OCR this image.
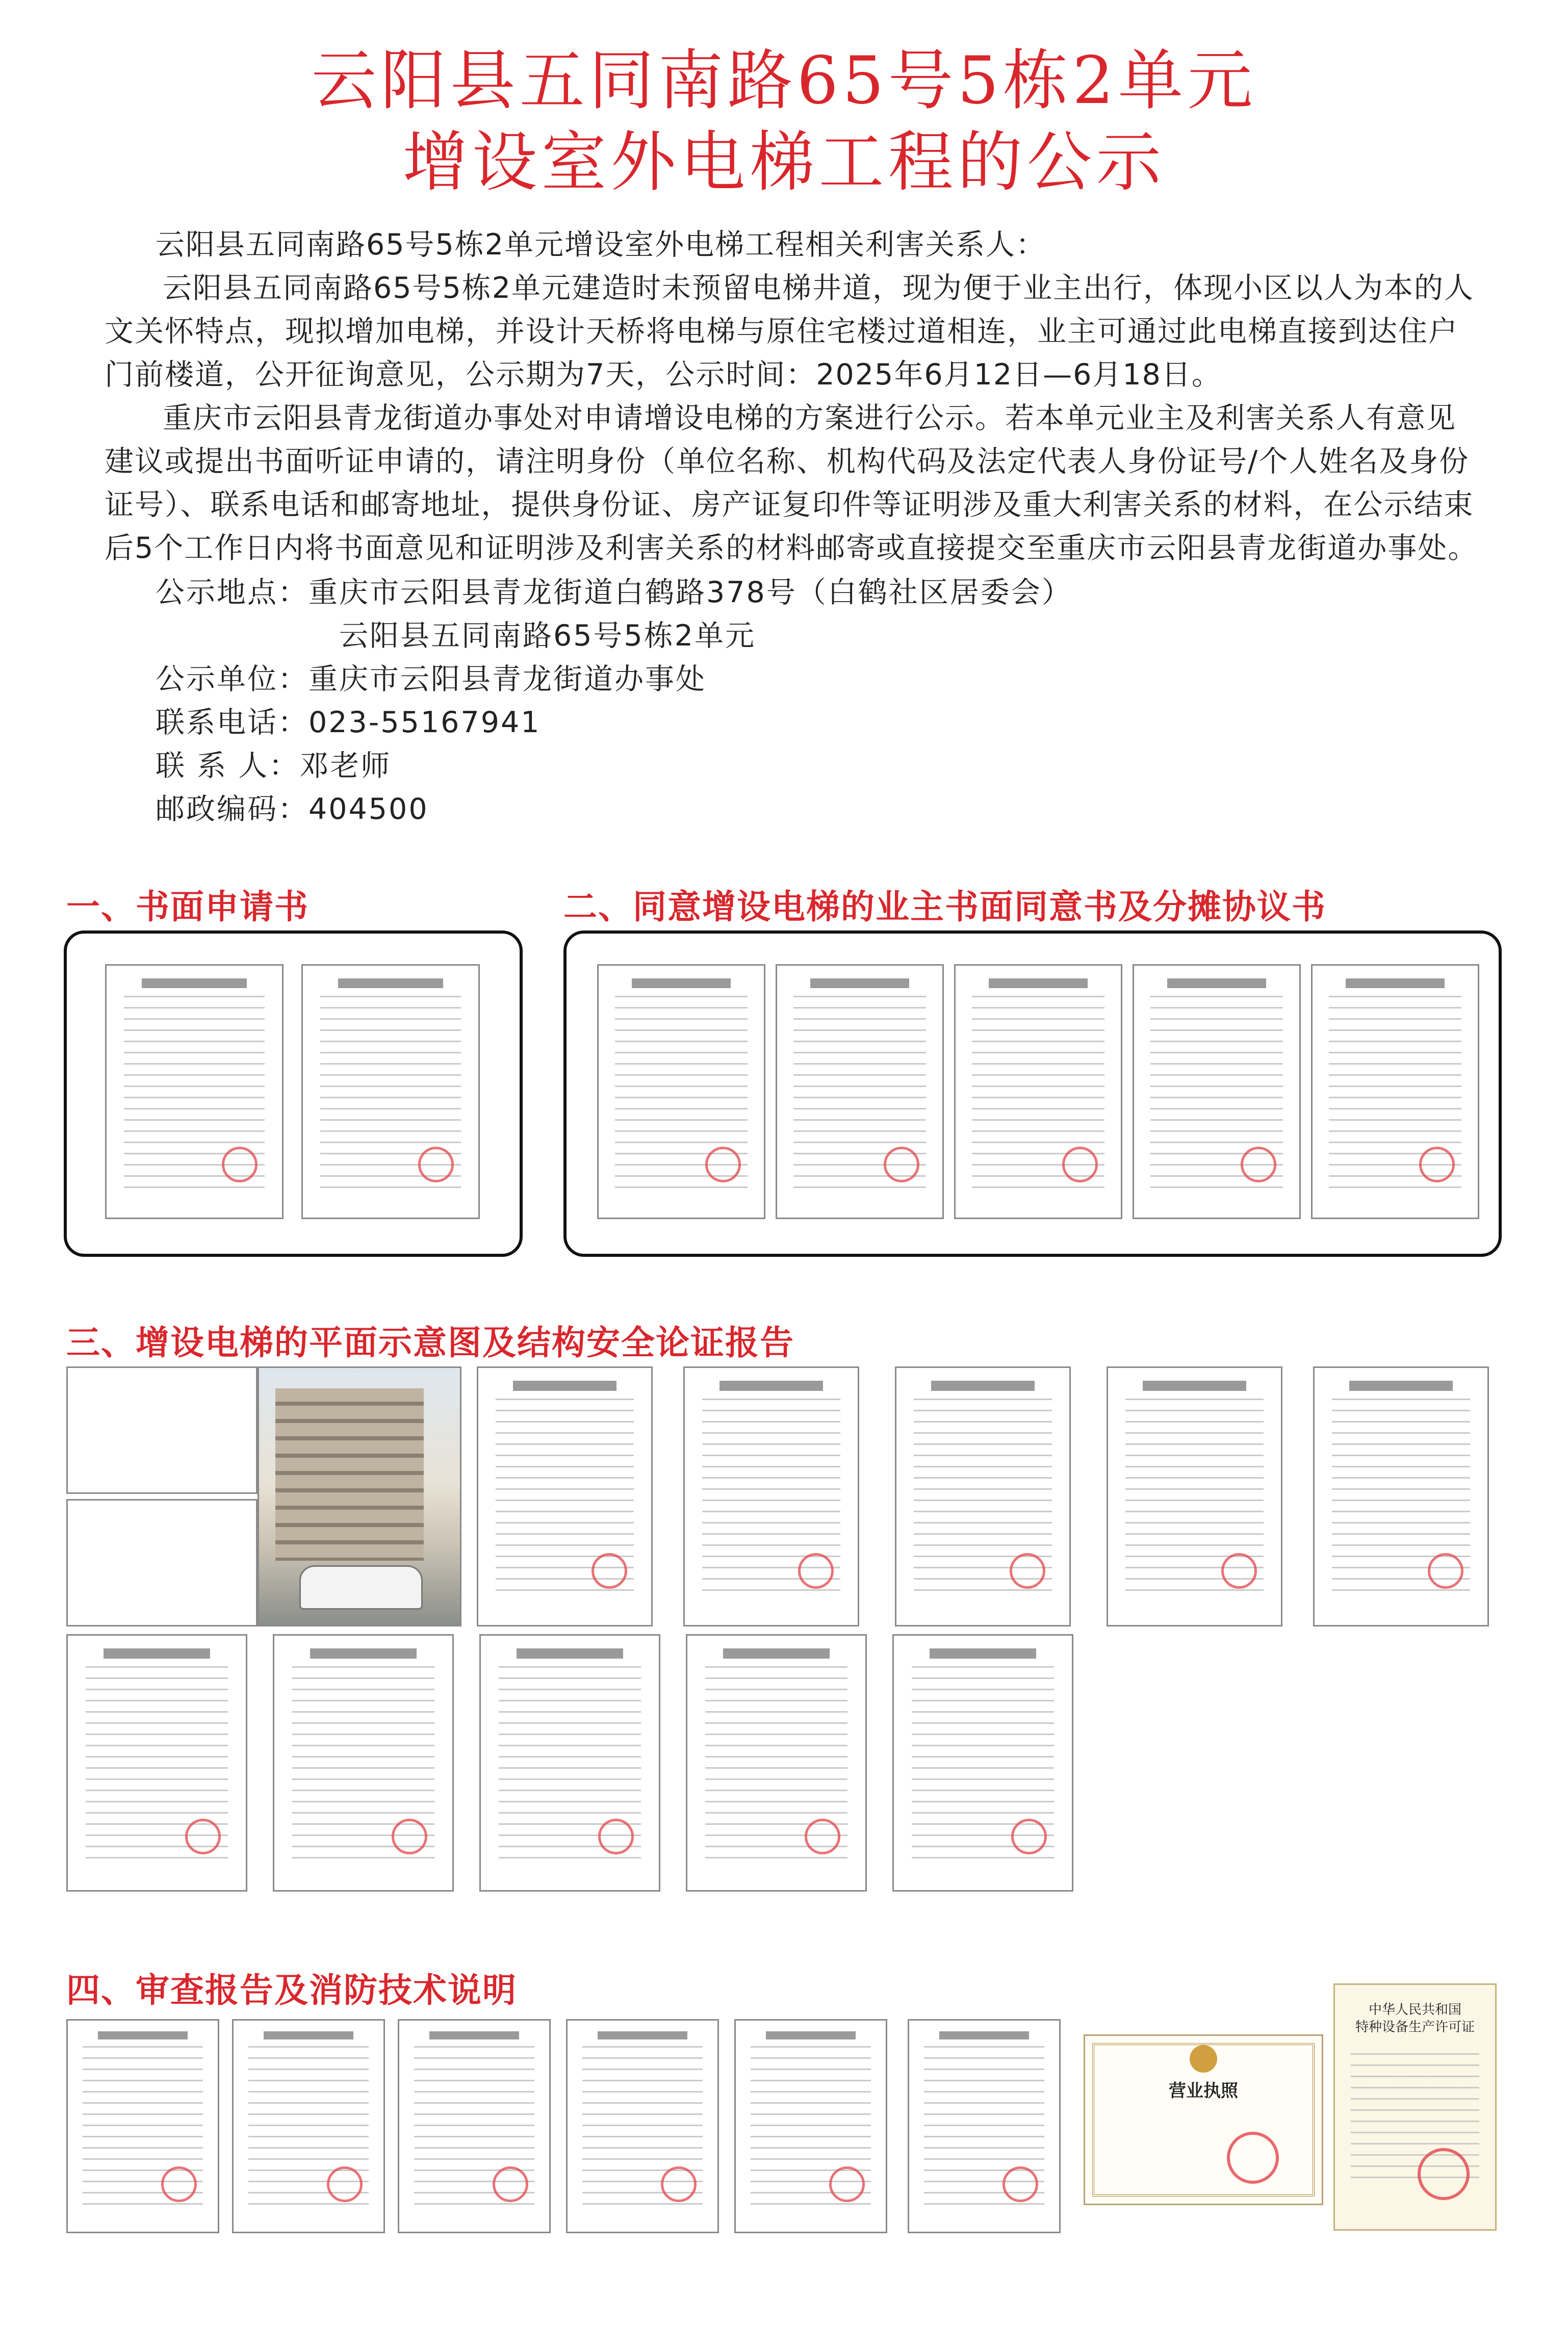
云阳县五同南路65号5栋2单元
增设室外电梯工程的公示

云阳县五同南路65号5栋2单元增设室外电梯工程相关利害关系人：

云阳县五同南路65号5栋2单元建造时未预留电梯井道，现为便于业主出行，体现小区以人为本的人文关怀特点，现拟增加电梯，并设计天桥将电梯与原住宅楼过道相连，业主可通过此电梯直接到达住户门前楼道，公开征询意见，公示期为7天，公示时间：2025年6月12日—6月18日。

重庆市云阳县青龙街道办事处对申请增设电梯的方案进行公示。若本单元业主及利害关系人有意见建议或提出书面听证申请的，请注明身份（单位名称、机构代码及法定代表人身份证号/个人姓名及身份证号）、联系电话和邮寄地址，提供身份证、房产证复印件等证明涉及重大利害关系的材料，在公示结束后5个工作日内将书面意见和证明涉及利害关系的材料邮寄或直接提交至重庆市云阳县青龙街道办事处。

公示地点：重庆市云阳县青龙街道白鹤路378号（白鹤社区居委会）
云阳县五同南路65号5栋2单元
公示单位：重庆市云阳县青龙街道办事处
联系电话：023-55167941
联 系 人：邓老师
邮政编码：404500
一、书面申请书	二、同意增设电梯的业主书面同意书及分摊协议书
三、增设电梯的平面示意图及结构安全论证报告
四、审查报告及消防技术说明
营业执照
中华人民共和国
特种设备生产许可证
